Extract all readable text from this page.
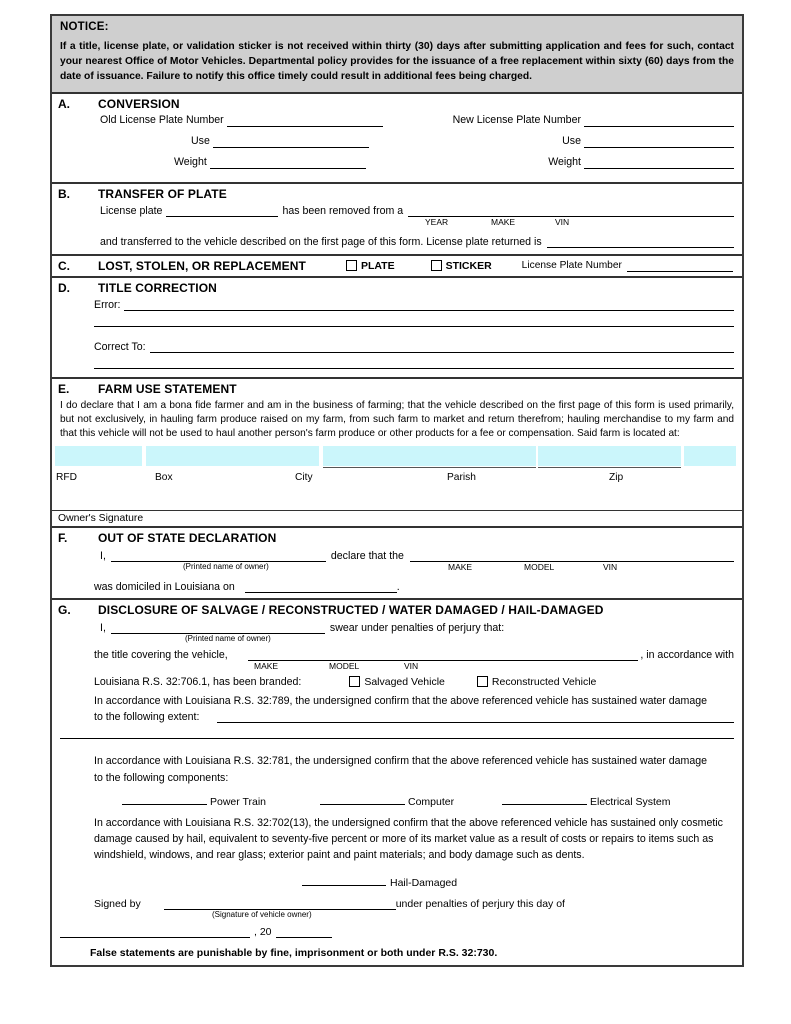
NOTICE:
If a title, license plate, or validation sticker is not received within thirty (30) days after submitting application and fees for such, contact your nearest Office of Motor Vehicles. Departmental policy provides for the issuance of a free replacement within sixty (60) days from the date of issuance. Failure to notify this office timely could result in additional fees being charged.
A.	CONVERSION
Old License Plate Number	New License Plate Number
Use	Use
Weight	Weight
B.	TRANSFER OF PLATE
License plate	has been removed from a
YEAR	MAKE	VIN
and transferred to the vehicle described on the first page of this form. License plate returned is
C.	LOST, STOLEN, OR REPLACEMENT	PLATE	STICKER	License Plate Number
D.	TITLE CORRECTION
Error:
Correct To:
E.	FARM USE STATEMENT
I do declare that I am a bona fide farmer and am in the business of farming; that the vehicle described on the first page of this form is used primarily, but not exclusively, in hauling farm produce raised on my farm, from such farm to market and return therefrom; hauling merchandise to my farm and that this vehicle will not be used to haul another person's farm produce or other products for a fee or compensation. Said farm is located at:
RFD	Box	City	Parish	Zip
Owner's Signature
F.	OUT OF STATE DECLARATION
I,	declare that the
(Printed name of owner)	MAKE	MODEL	VIN
was domiciled in Louisiana on	.
G.	DISCLOSURE OF SALVAGE / RECONSTRUCTED / WATER DAMAGED / HAIL-DAMAGED
I,	swear under penalties of perjury that:
(Printed name of owner)
the title covering the vehicle,	, in accordance with
MAKE	MODEL	VIN
Louisiana R.S. 32:706.1, has been branded:	Salvaged Vehicle	Reconstructed Vehicle
In accordance with Louisiana R.S. 32:789, the undersigned confirm that the above referenced vehicle has sustained water damage
to the following extent:
In accordance with Louisiana R.S. 32:781, the undersigned confirm that the above referenced vehicle has sustained water damage
to the following components:
Power Train	Computer	Electrical System
In accordance with Louisiana R.S. 32:702(13), the undersigned confirm that the above referenced vehicle has sustained only cosmetic damage caused by hail, equivalent to seventy-five percent or more of its market value as a result of costs or repairs to items such as windshield, windows, and rear glass; exterior paint and paint materials; and body damage such as dents.
Hail-Damaged
Signed by	under penalties of perjury this day of
(Signature of vehicle owner)
, 20
False statements are punishable by fine, imprisonment or both under R.S. 32:730.
